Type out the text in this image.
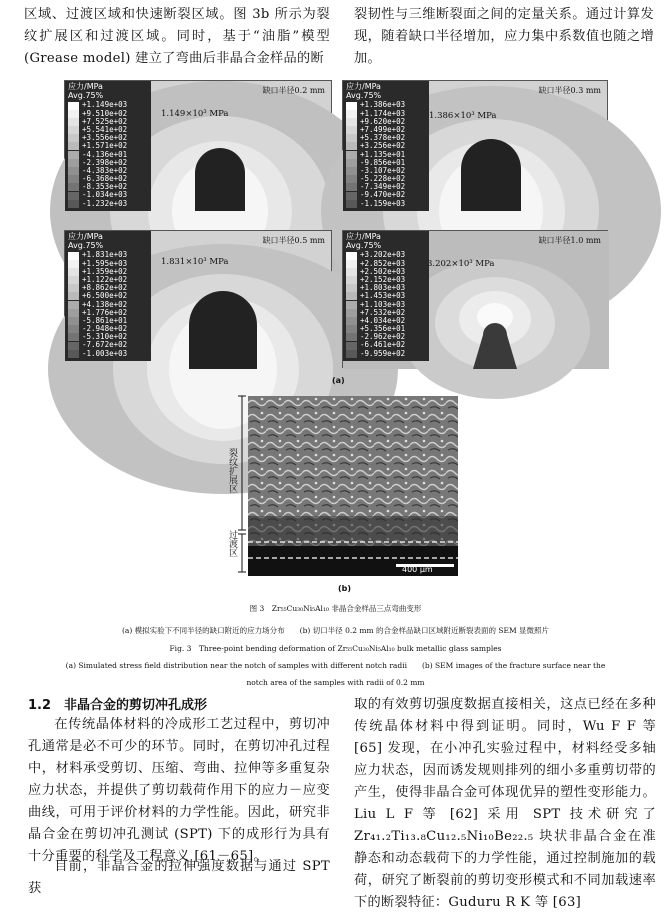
区域、过渡区域和快速断裂区域。图 3b 所示为裂纹扩展区和过渡区域。同时，基于“油脂”模型(Grease model) 建立了弯曲后非晶合金样品的断
裂韧性与三维断裂面之间的定量关系。通过计算发现，随着缺口半径增加，应力集中系数值也随之增加。
应力/MPa
Avg.75%
+1.149e+03
+9.510e+02
+7.525e+02
+5.541e+02
+3.556e+02
+1.571e+02
-4.136e+01
-2.398e+02
-4.383e+02
-6.368e+02
-8.353e+02
-1.034e+03
-1.232e+03
缺口半径0.2 mm
1.149×10³ MPa
应力/MPa
Avg.75%
+1.386e+03
+1.174e+03
+9.620e+02
+7.499e+02
+5.378e+02
+3.256e+02
+1.135e+01
-9.856e+01
-3.107e+02
-5.228e+02
-7.349e+02
-9.470e+02
-1.159e+03
缺口半径0.3 mm
1.386×10³ MPa
应力/MPa
Avg.75%
+1.831e+03
+1.595e+03
+1.359e+02
+1.122e+02
+8.862e+02
+6.500e+02
+4.138e+02
+1.776e+02
-5.861e+01
-2.948e+02
-5.310e+02
-7.672e+02
-1.003e+03
缺口半径0.5 mm
1.831×10³ MPa
应力/MPa
Avg.75%
+3.202e+03
+2.852e+03
+2.502e+03
+2.152e+03
+1.803e+03
+1.453e+03
+1.103e+03
+7.532e+02
+4.034e+02
+5.356e+01
-2.962e+02
-6.461e+02
-9.959e+02
缺口半径1.0 mm
3.202×10³ MPa
(a)
裂纹扩展区
过渡区
400 μm
(b)
图 3　Zr₅₅Cu₃₀Ni₅Al₁₀ 非晶合金样品三点弯曲变形
(a) 模拟实验下不同半径的缺口附近的应力场分布　　(b) 切口半径 0.2 mm 的合金样品缺口区域附近断裂表面的 SEM 显微照片
Fig. 3　Three-point bending deformation of Zr₅₅Cu₃₀Ni₅Al₁₀ bulk metallic glass samples
(a) Simulated stress field distribution near the notch of samples with different notch radii　　(b) SEM images of the fracture surface near the
notch area of the samples with radii of 0.2 mm
1.2　非晶合金的剪切冲孔成形
在传统晶体材料的冷成形工艺过程中，剪切冲孔通常是必不可少的环节。同时，在剪切冲孔过程中，材料承受剪切、压缩、弯曲、拉伸等多重复杂应力状态，并提供了剪切载荷作用下的应力－应变曲线，可用于评价材料的力学性能。因此，研究非晶合金在剪切冲孔测试 (SPT) 下的成形行为具有十分重要的科学及工程意义 [61－65]。
目前，非晶合金的拉伸强度数据与通过 SPT 获
取的有效剪切强度数据直接相关，这点已经在多种传统晶体材料中得到证明。同时，Wu F F 等 [65] 发现，在小冲孔实验过程中，材料经受多轴应力状态，因而诱发规则排列的细小多重剪切带的产生，使得非晶合金可体现优异的塑性变形能力。Liu L F 等 [62] 采用 SPT 技术研究了 Zr₄₁.₂Ti₁₃.₈Cu₁₂.₅Ni₁₀Be₂₂.₅ 块状非晶合金在准静态和动态载荷下的力学性能，通过控制施加的载荷，研究了断裂前的剪切变形模式和不同加载速率下的断裂特征：Guduru R K 等 [63]
